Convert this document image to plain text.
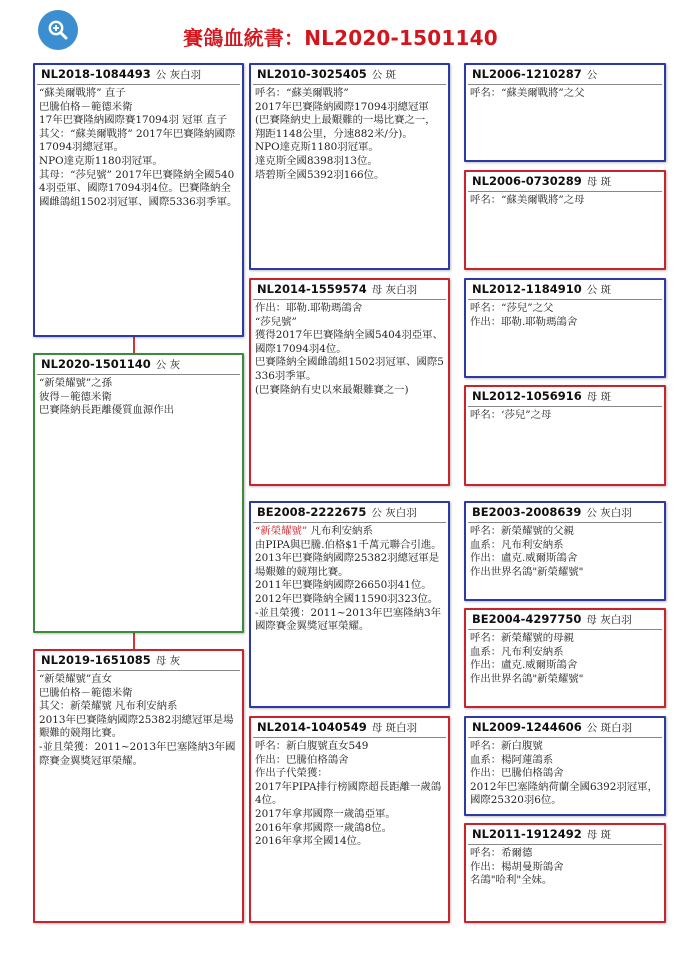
賽鴿血統書：NL2020-1501140
NL2018-1084493 公 灰白羽
“蘇美爾戰將” 直子
巴騰伯格－範德米衛
17年巴賽隆納國際賽17094羽 冠軍 直子
其父：“蘇美爾戰將” 2017年巴賽隆納國際17094羽總冠軍。
NPO達克斯1180羽冠軍。
其母：“莎兒號” 2017年巴賽隆納全國5404羽亞軍、國際17094羽4位。巴賽隆納全國雌鴿組1502羽冠軍、國際5336羽季軍。
NL2020-1501140 公 灰
“新榮耀號”之孫
彼得－範德米衛
巴賽隆納長距離優質血源作出
NL2019-1651085 母 灰
“新榮耀號”直女
巴騰伯格－範德米衛
其父：新榮耀號 凡布利安納系
2013年巴賽隆納國際25382羽總冠軍是場艱難的競翔比賽。
-並且榮獲：2011~2013年巴塞隆納3年國際賽金翼獎冠軍榮耀。
NL2010-3025405 公 斑
呼名：“蘇美爾戰將”
2017年巴賽隆納國際17094羽總冠軍
(巴賽隆納史上最艱難的一場比賽之一，翔距1148公里，分速882米/分)。
NPO達克斯1180羽冠軍。
達克斯全國8398羽13位。
塔碧斯全國5392羽166位。
NL2014-1559574 母 灰白羽
作出：耶勒.耶勒瑪鴿舍
“莎兒號”
獲得2017年巴賽隆納全國5404羽亞軍、國際17094羽4位。
巴賽隆納全國雌鴿組1502羽冠軍、國際5336羽季軍。
(巴賽隆納有史以來最艱難賽之一)
BE2008-2222675 公 灰白羽
“新榮耀號” 凡布利安納系
由PIPA與巴騰.伯格$1千萬元聯合引進。
2013年巴賽隆納國際25382羽總冠軍是場艱難的競翔比賽。
2011年巴賽隆納國際26650羽41位。
2012年巴賽隆納全國11590羽323位。
-並且榮獲：2011~2013年巴塞隆納3年國際賽金翼獎冠軍榮耀。
NL2014-1040549 母 斑白羽
呼名：新白腹號直女549
作出：巴騰伯格鴿舍
作出子代榮獲：
2017年PIPA排行榜國際超長距離一歲鴿4位。
2017年拿邦國際一歲鴿亞軍。
2016年拿邦國際一歲鴿8位。
2016年拿邦全國14位。
NL2006-1210287 公
呼名：“蘇美爾戰將”之父
NL2006-0730289 母 斑
呼名：“蘇美爾戰將”之母
NL2012-1184910 公 斑
呼名：“莎兒”之父
作出：耶勒.耶勒瑪鴿舍
NL2012-1056916 母 斑
呼名：‘莎兒”之母
BE2003-2008639 公 灰白羽
呼名：新榮耀號的父親
血系：凡布利安納系
作出：盧克.威爾斯鴿舍
作出世界名鴿"新榮耀號"
BE2004-4297750 母 灰白羽
呼名：新榮耀號的母親
血系：凡布利安納系
作出：盧克.威爾斯鴿舍
作出世界名鴿"新榮耀號"
NL2009-1244606 公 斑白羽
呼名：新白腹號
血系：楊阿蓮鴿系
作出：巴騰伯格鴿舍
2012年巴塞隆納荷蘭全國6392羽冠軍，國際25320羽6位。
NL2011-1912492 母 斑
呼名：希爾德
作出：楊胡曼斯鴿舍
名鴿"哈利"全妹。
